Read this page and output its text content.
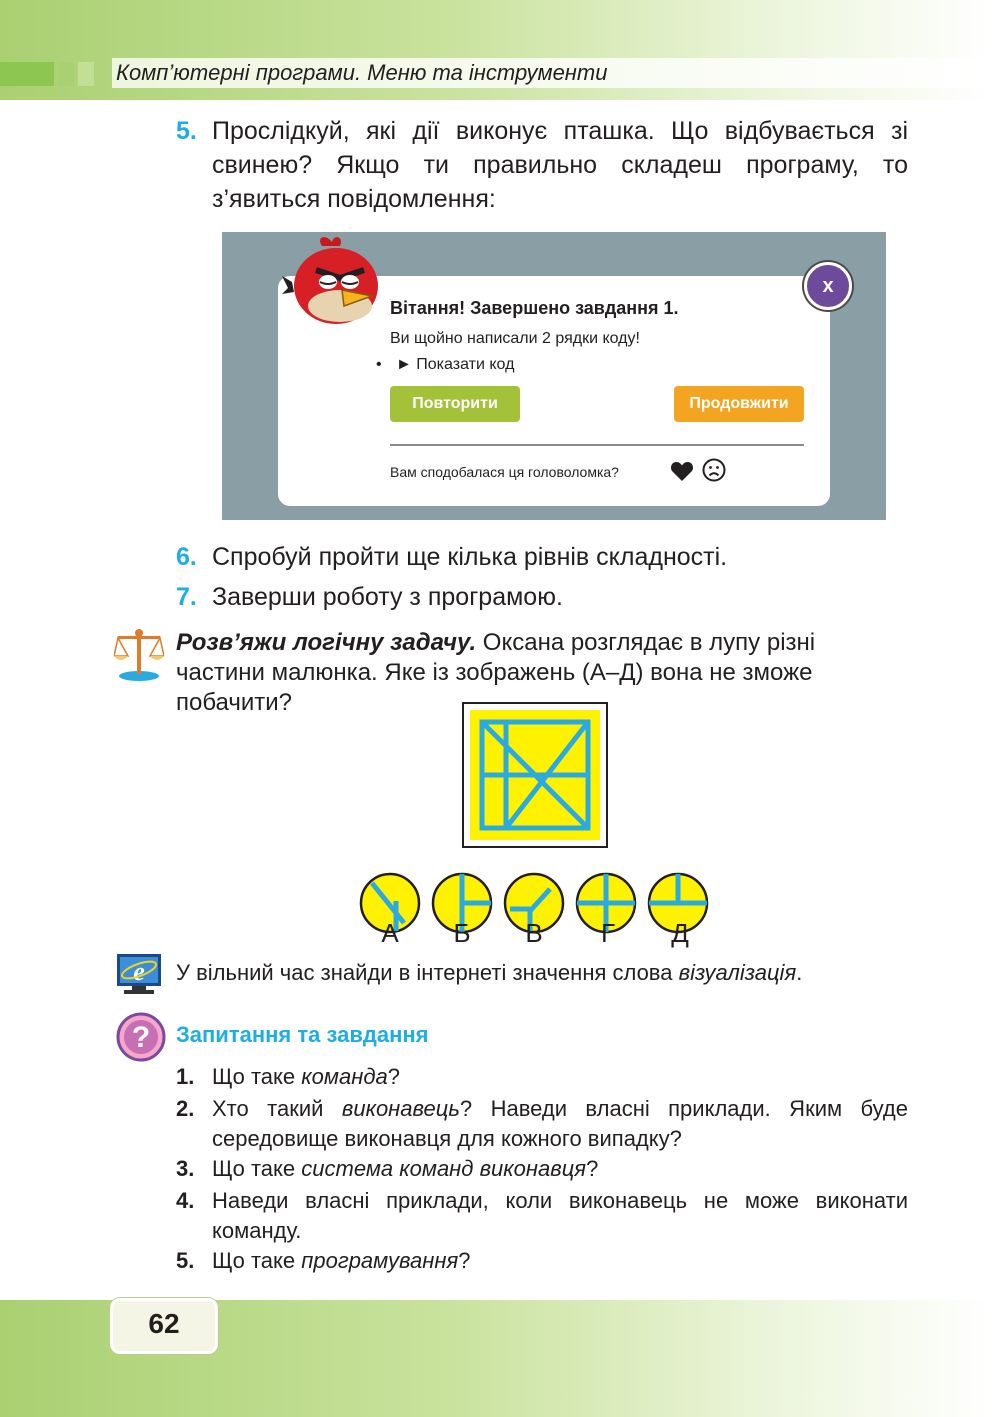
Комп’ютерні програми. Меню та інструменти
5. Прослідкуй, які дії виконує пташка. Що відбувається зі свинею? Якщо ти правильно складеш програму, то з’явиться повідомлення:
Вітання! Завершено завдання 1.
Ви щойно написали 2 рядки коду!
• ► Показати код
Повторити	Продовжити
Вам сподобалася ця головоломка?
x
6. Спробуй пройти ще кілька рівнів складності.
7. Заверши роботу з програмою.
Розв’яжи логічну задачу. Оксана розглядає в лупу різні частини малюнка. Яке із зображень (А–Д) вона не зможе побачити?
А	Б	В	Г	Д
e У вільний час знайди в інтернеті значення слова візуалізація.
? Запитання та завдання
1. Що таке команда?
2. Хто такий виконавець? Наведи власні приклади. Яким буде середовище виконавця для кожного випадку?
3. Що таке система команд виконавця?
4. Наведи власні приклади, коли виконавець не може виконати команду.
5. Що таке програмування?
62
